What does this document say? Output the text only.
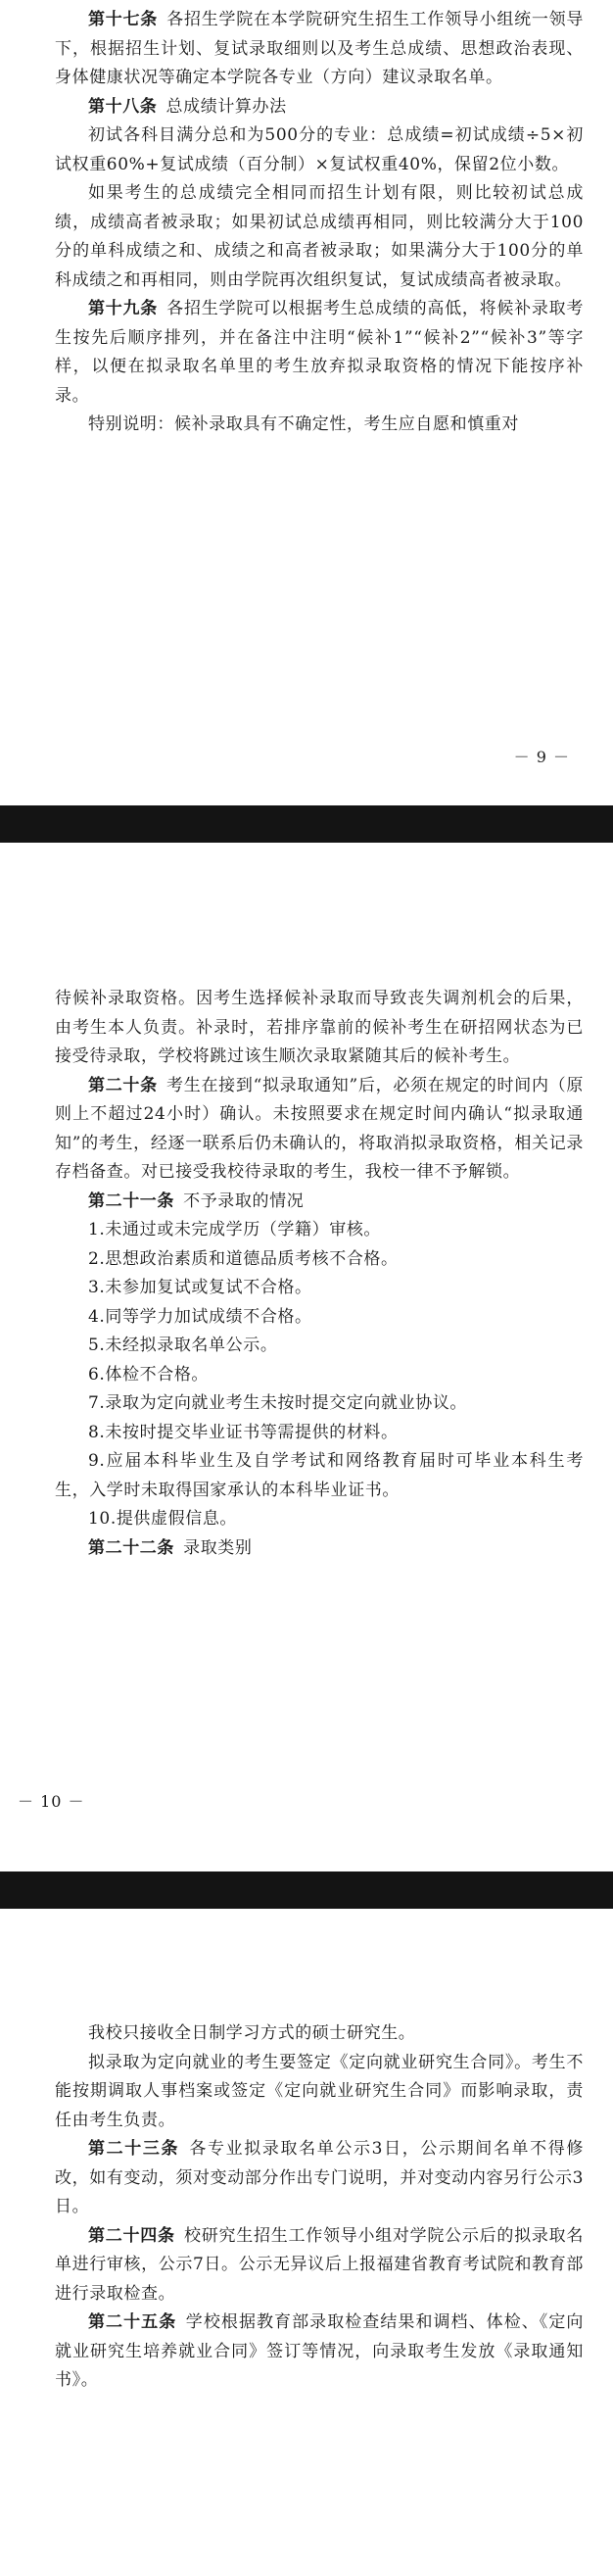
第十七条  各招生学院在本学院研究生招生工作领导小组统一领导下，根据招生计划、复试录取细则以及考生总成绩、思想政治表现、身体健康状况等确定本学院各专业（方向）建议录取名单。

第十八条  总成绩计算办法

初试各科目满分总和为500分的专业：总成绩=初试成绩÷5×初试权重60%+复试成绩（百分制）×复试权重40%，保留2位小数。

如果考生的总成绩完全相同而招生计划有限，则比较初试总成绩，成绩高者被录取；如果初试总成绩再相同，则比较满分大于100分的单科成绩之和、成绩之和高者被录取；如果满分大于100分的单科成绩之和再相同，则由学院再次组织复试，复试成绩高者被录取。

第十九条  各招生学院可以根据考生总成绩的高低，将候补录取考生按先后顺序排列，并在备注中注明“候补1”“候补2”“候补3”等字样，以便在拟录取名单里的考生放弃拟录取资格的情况下能按序补录。

特别说明：候补录取具有不确定性，考生应自愿和慎重对

－ 9 －

待候补录取资格。因考生选择候补录取而导致丧失调剂机会的后果，由考生本人负责。补录时，若排序靠前的候补考生在研招网状态为已接受待录取，学校将跳过该生顺次录取紧随其后的候补考生。

第二十条  考生在接到“拟录取通知”后，必须在规定的时间内（原则上不超过24小时）确认。未按照要求在规定时间内确认“拟录取通知”的考生，经逐一联系后仍未确认的，将取消拟录取资格，相关记录存档备查。对已接受我校待录取的考生，我校一律不予解锁。

第二十一条  不予录取的情况

1.未通过或未完成学历（学籍）审核。

2.思想政治素质和道德品质考核不合格。

3.未参加复试或复试不合格。

4.同等学力加试成绩不合格。

5.未经拟录取名单公示。

6.体检不合格。

7.录取为定向就业考生未按时提交定向就业协议。

8.未按时提交毕业证书等需提供的材料。

9.应届本科毕业生及自学考试和网络教育届时可毕业本科生考生，入学时未取得国家承认的本科毕业证书。

10.提供虚假信息。

第二十二条  录取类别

－ 10 －

我校只接收全日制学习方式的硕士研究生。

拟录取为定向就业的考生要签定《定向就业研究生合同》。考生不能按期调取人事档案或签定《定向就业研究生合同》而影响录取，责任由考生负责。

第二十三条  各专业拟录取名单公示3日，公示期间名单不得修改，如有变动，须对变动部分作出专门说明，并对变动内容另行公示3日。

第二十四条  校研究生招生工作领导小组对学院公示后的拟录取名单进行审核，公示7日。公示无异议后上报福建省教育考试院和教育部进行录取检查。

第二十五条  学校根据教育部录取检查结果和调档、体检、《定向就业研究生培养就业合同》签订等情况，向录取考生发放《录取通知书》。
